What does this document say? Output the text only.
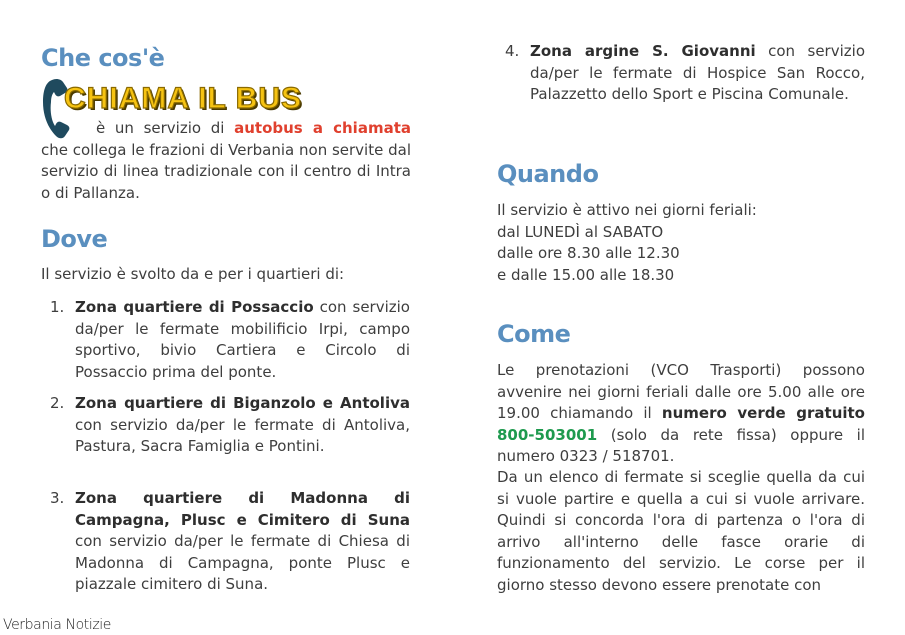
Che cos'è
CHIAMA IL BUS

è un servizio di autobus a chiamata che collega le frazioni di Verbania non servite dal servizio di linea tradizionale con il centro di Intra o di Pallanza.

Dove

Il servizio è svolto da e per i quartieri di:

1. Zona quartiere di Possaccio con servizio da/per le fermate mobilificio Irpi, campo sportivo, bivio Cartiera e Circolo di Possaccio prima del ponte.
2. Zona quartiere di Biganzolo e Antoliva con servizio da/per le fermate di Antoliva, Pastura, Sacra Famiglia e Pontini.
3. Zona quartiere di Madonna di Campagna, Plusc e Cimitero di Suna con servizio da/per le fermate di Chiesa di Madonna di Campagna, ponte Plusc e piazzale cimitero di Suna.
4. Zona argine S. Giovanni con servizio da/per le fermate di Hospice San Rocco, Palazzetto dello Sport e Piscina Comunale.
Quando
Il servizio è attivo nei giorni feriali:
dal LUNEDÌ al SABATO
dalle ore 8.30 alle 12.30
e dalle 15.00 alle 18.30
Come

Le prenotazioni (VCO Trasporti) possono avvenire nei giorni feriali dalle ore 5.00 alle ore 19.00 chiamando il numero verde gratuito 800-503001 (solo da rete fissa) oppure il numero 0323 / 518701.

Da un elenco di fermate si sceglie quella da cui si vuole partire e quella a cui si vuole arrivare. Quindi si concorda l'ora di partenza o l'ora di arrivo all'interno delle fasce orarie di funzionamento del servizio. Le corse per il giorno stesso devono essere prenotate con

Verbania Notizie
